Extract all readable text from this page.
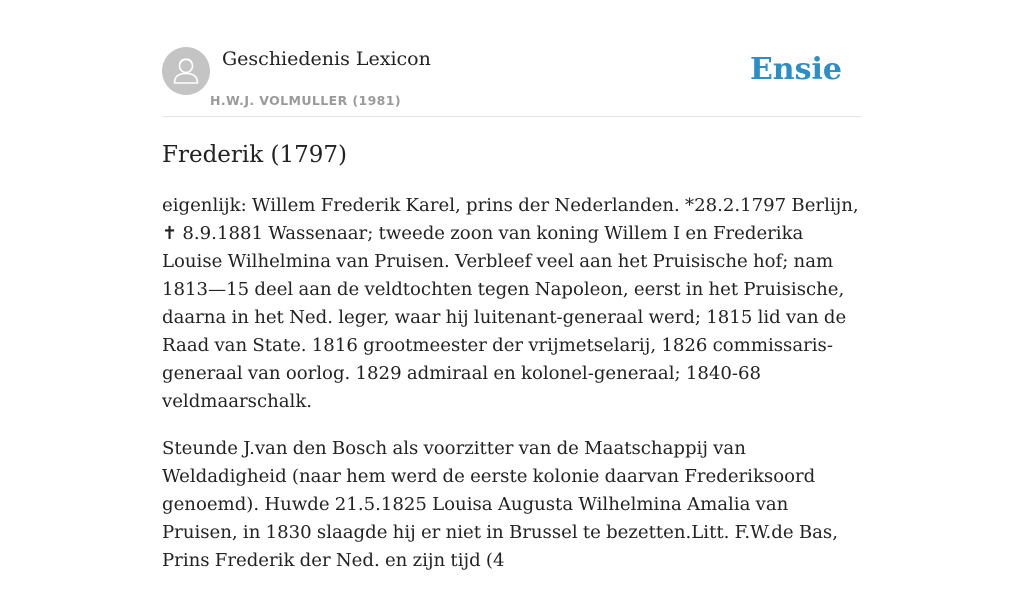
Geschiedenis Lexicon
H.W.J. VOLMULLER (1981)
Ensie
Frederik (1797)

eigenlijk: Willem Frederik Karel, prins der Nederlanden. *28.2.1797 Berlijn, ✝ 8.9.1881 Wassenaar; tweede zoon van koning Willem I en Frederika Louise Wilhelmina van Pruisen. Verbleef veel aan het Pruisische hof; nam 1813—15 deel aan de veldtochten tegen Napoleon, eerst in het Pruisische, daarna in het Ned. leger, waar hij luitenant-generaal werd; 1815 lid van de Raad van State. 1816 grootmeester der vrijmetselarij, 1826 commissaris-generaal van oorlog. 1829 admiraal en kolonel-generaal; 1840-68 veldmaarschalk.

Steunde J.van den Bosch als voorzitter van de Maatschappij van Weldadigheid (naar hem werd de eerste kolonie daarvan Frederiksoord genoemd). Huwde 21.5.1825 Louisa Augusta Wilhelmina Amalia van Pruisen, in 1830 slaagde hij er niet in Brussel te bezetten.Litt. F.W.de Bas, Prins Frederik der Ned. en zijn tijd (4
